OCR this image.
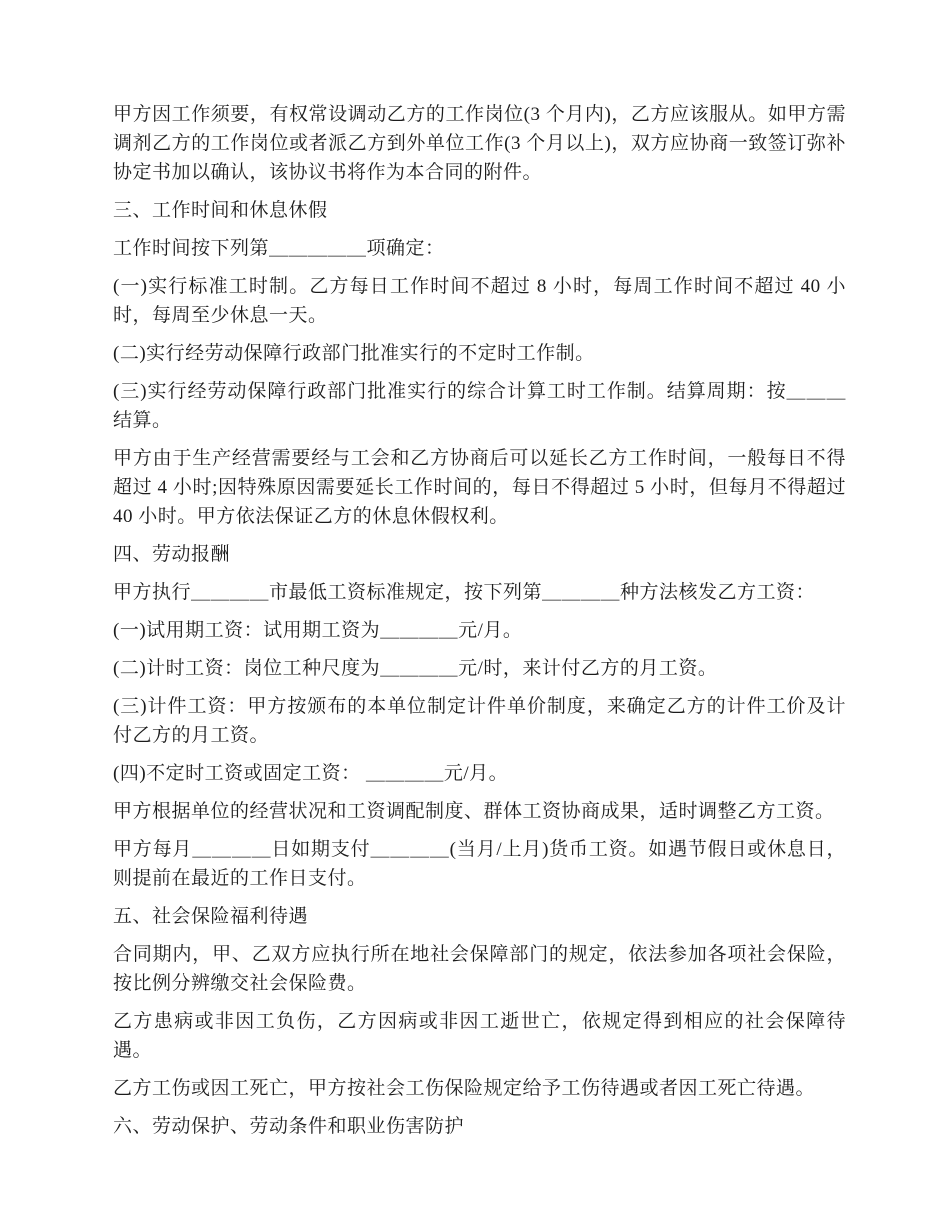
甲方因工作须要，有权常设调动乙方的工作岗位(3 个月内)，乙方应该服从。如甲方需调剂乙方的工作岗位或者派乙方到外单位工作(3 个月以上)，双方应协商一致签订弥补协定书加以确认，该协议书将作为本合同的附件。

三、工作时间和休息休假

工作时间按下列第＿＿＿＿＿项确定：

(一)实行标准工时制。乙方每日工作时间不超过 8 小时，每周工作时间不超过 40 小时，每周至少休息一天。

(二)实行经劳动保障行政部门批准实行的不定时工作制。

(三)实行经劳动保障行政部门批准实行的综合计算工时工作制。结算周期：按＿＿＿结算。

甲方由于生产经营需要经与工会和乙方协商后可以延长乙方工作时间，一般每日不得超过 4 小时;因特殊原因需要延长工作时间的，每日不得超过 5 小时，但每月不得超过 40 小时。甲方依法保证乙方的休息休假权利。

四、劳动报酬

甲方执行＿＿＿＿市最低工资标准规定，按下列第＿＿＿＿种方法核发乙方工资：

(一)试用期工资：试用期工资为＿＿＿＿元/月。

(二)计时工资：岗位工种尺度为＿＿＿＿元/时，来计付乙方的月工资。

(三)计件工资：甲方按颁布的本单位制定计件单价制度，来确定乙方的计件工价及计付乙方的月工资。

(四)不定时工资或固定工资： ＿＿＿＿元/月。

甲方根据单位的经营状况和工资调配制度、群体工资协商成果，适时调整乙方工资。

甲方每月＿＿＿＿日如期支付＿＿＿＿(当月/上月)货币工资。如遇节假日或休息日，则提前在最近的工作日支付。

五、社会保险福利待遇

合同期内，甲、乙双方应执行所在地社会保障部门的规定，依法参加各项社会保险，按比例分辨缴交社会保险费。

乙方患病或非因工负伤，乙方因病或非因工逝世亡，依规定得到相应的社会保障待遇。

乙方工伤或因工死亡，甲方按社会工伤保险规定给予工伤待遇或者因工死亡待遇。

六、劳动保护、劳动条件和职业伤害防护
